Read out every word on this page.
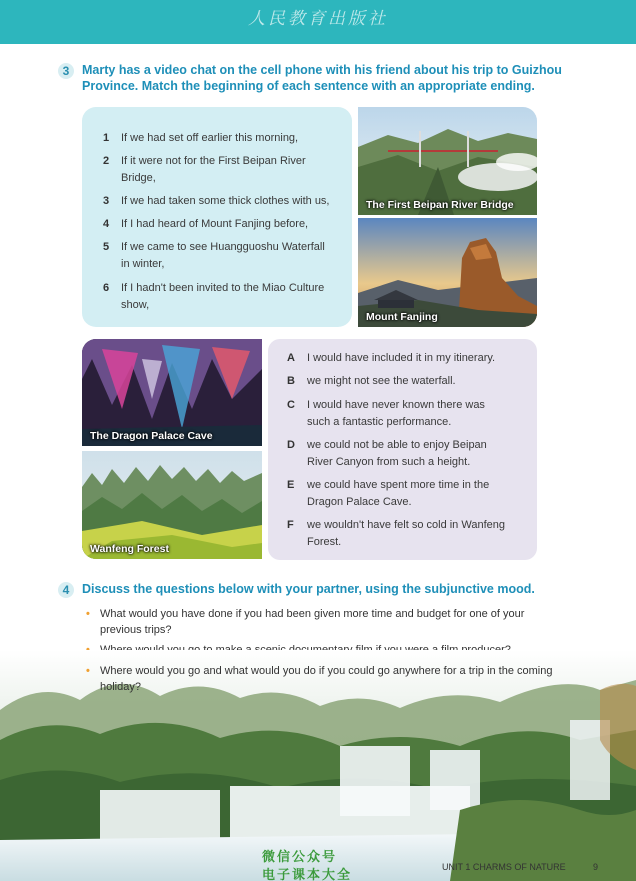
人民教育出版社
3	Marty has a video chat on the cell phone with his friend about his trip to Guizhou
Province. Match the beginning of each sentence with an appropriate ending.
1	If we had set off earlier this morning,
2	If it were not for the First Beipan River
Bridge,
3	If we had taken some thick clothes with us,
4	If I had heard of Mount Fanjing before,
5	If we came to see Huangguoshu Waterfall
in winter,
6	If I hadn't been invited to the Miao Culture
show,
The First Beipan River Bridge
Mount Fanjing
The Dragon Palace Cave
Wanfeng Forest
A	I would have included it in my itinerary.
B	we might not see the waterfall.
C	I would have never known there was
such a fantastic performance.
D	we could not be able to enjoy Beipan
River Canyon from such a height.
E	we could have spent more time in the
Dragon Palace Cave.
F	we wouldn't have felt so cold in Wanfeng
Forest.
4	Discuss the questions below with your partner, using the subjunctive mood.
• What would you have done if you had been given more time and budget for one of your
previous trips?
• Where would you go and what would you do if you could go anywhere for a trip in the coming
holiday?
微信公众号
电子课本大全	UNIT 1 CHARMS OF NATURE	9
